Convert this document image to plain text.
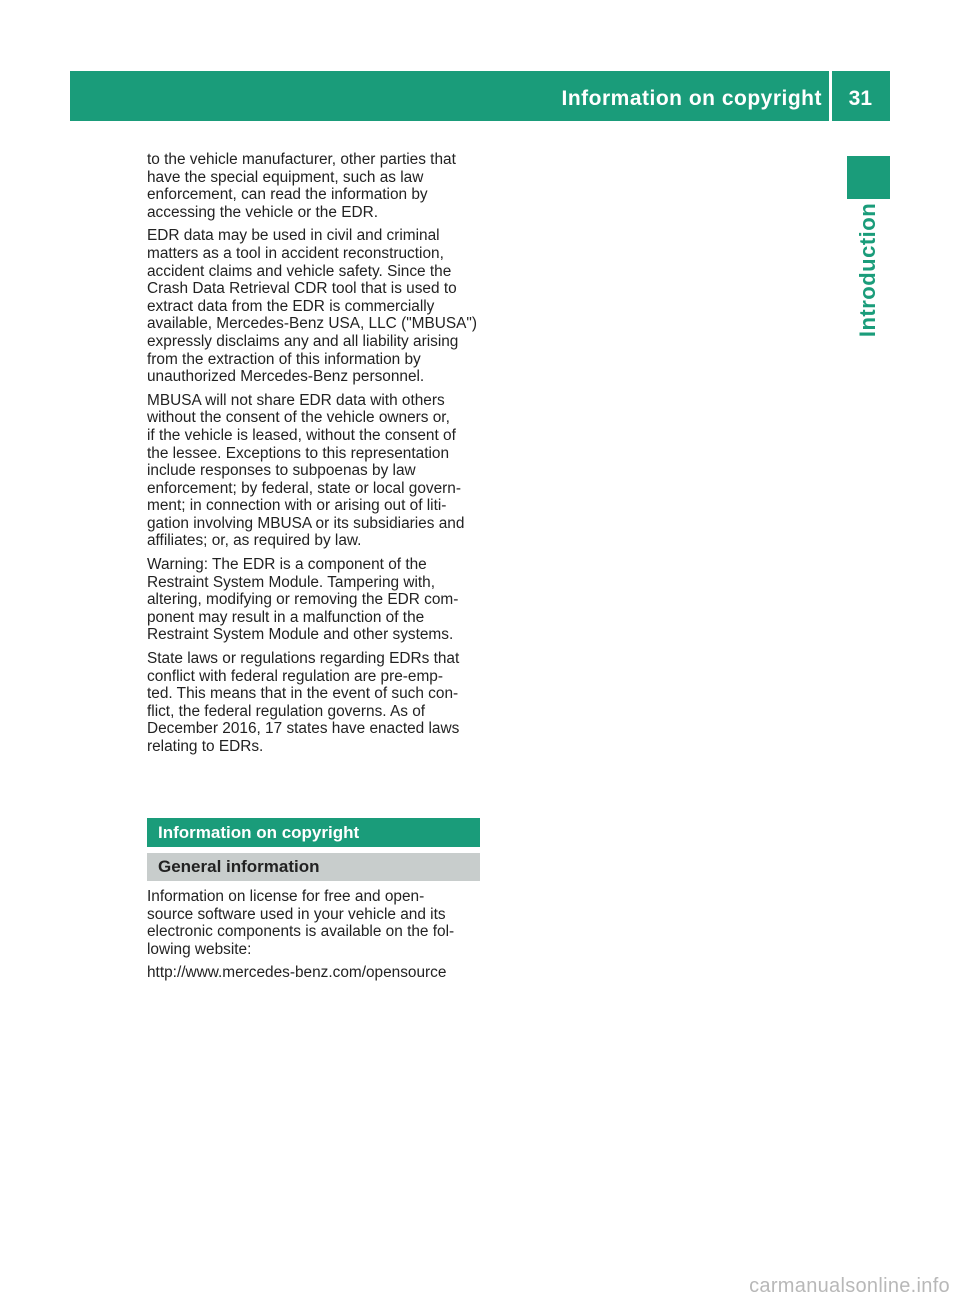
Information on copyright 31
Introduction

to the vehicle manufacturer, other parties that
have the special equipment, such as law
enforcement, can read the information by
accessing the vehicle or the EDR.

EDR data may be used in civil and criminal
matters as a tool in accident reconstruction,
accident claims and vehicle safety. Since the
Crash Data Retrieval CDR tool that is used to
extract data from the EDR is commercially
available, Mercedes-Benz USA, LLC ("MBUSA")
expressly disclaims any and all liability arising
from the extraction of this information by
unauthorized Mercedes-Benz personnel.

MBUSA will not share EDR data with others
without the consent of the vehicle owners or,
if the vehicle is leased, without the consent of
the lessee. Exceptions to this representation
include responses to subpoenas by law
enforcement; by federal, state or local govern-
ment; in connection with or arising out of liti-
gation involving MBUSA or its subsidiaries and
affiliates; or, as required by law.

Warning: The EDR is a component of the
Restraint System Module. Tampering with,
altering, modifying or removing the EDR com-
ponent may result in a malfunction of the
Restraint System Module and other systems.

State laws or regulations regarding EDRs that
conflict with federal regulation are pre-emp-
ted. This means that in the event of such con-
flict, the federal regulation governs. As of
December 2016, 17 states have enacted laws
relating to EDRs.

Information on copyright
General information

Information on license for free and open-
source software used in your vehicle and its
electronic components is available on the fol-
lowing website:

http://www.mercedes-benz.com/opensource

carmanualsonline.info
